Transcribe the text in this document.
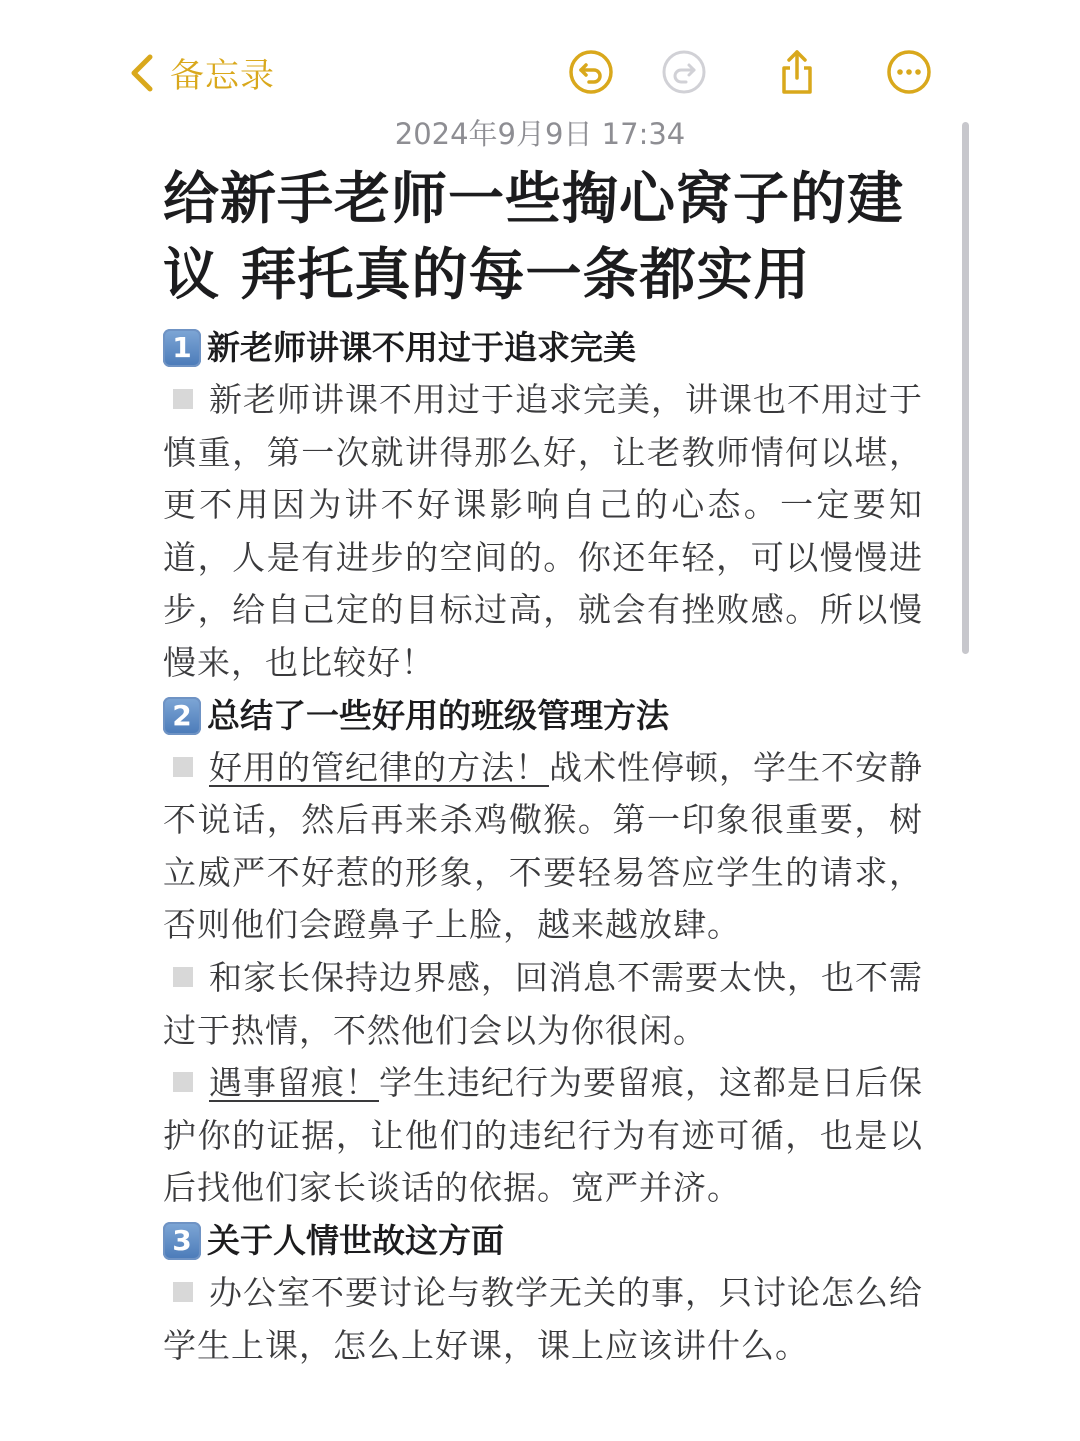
备忘录
2024年9月9日 17:34
给新手老师一些掏心窝子的建议 拜托真的每一条都实用
1 新老师讲课不用过于追求完美

新老师讲课不用过于追求完美，讲课也不用过于慎重，第一次就讲得那么好，让老教师情何以堪，更不用因为讲不好课影响自己的心态。一定要知道，人是有进步的空间的。你还年轻，可以慢慢进步，给自己定的目标过高，就会有挫败感。所以慢慢来，也比较好！

2 总结了一些好用的班级管理方法

好用的管纪律的方法！战术性停顿，学生不安静不说话，然后再来杀鸡儆猴。第一印象很重要，树立威严不好惹的形象，不要轻易答应学生的请求，否则他们会蹬鼻子上脸，越来越放肆。

和家长保持边界感，回消息不需要太快，也不需过于热情，不然他们会以为你很闲。

遇事留痕！学生违纪行为要留痕，这都是日后保护你的证据，让他们的违纪行为有迹可循，也是以后找他们家长谈话的依据。宽严并济。

3 关于人情世故这方面

办公室不要讨论与教学无关的事，只讨论怎么给学生上课，怎么上好课，课上应该讲什么。
